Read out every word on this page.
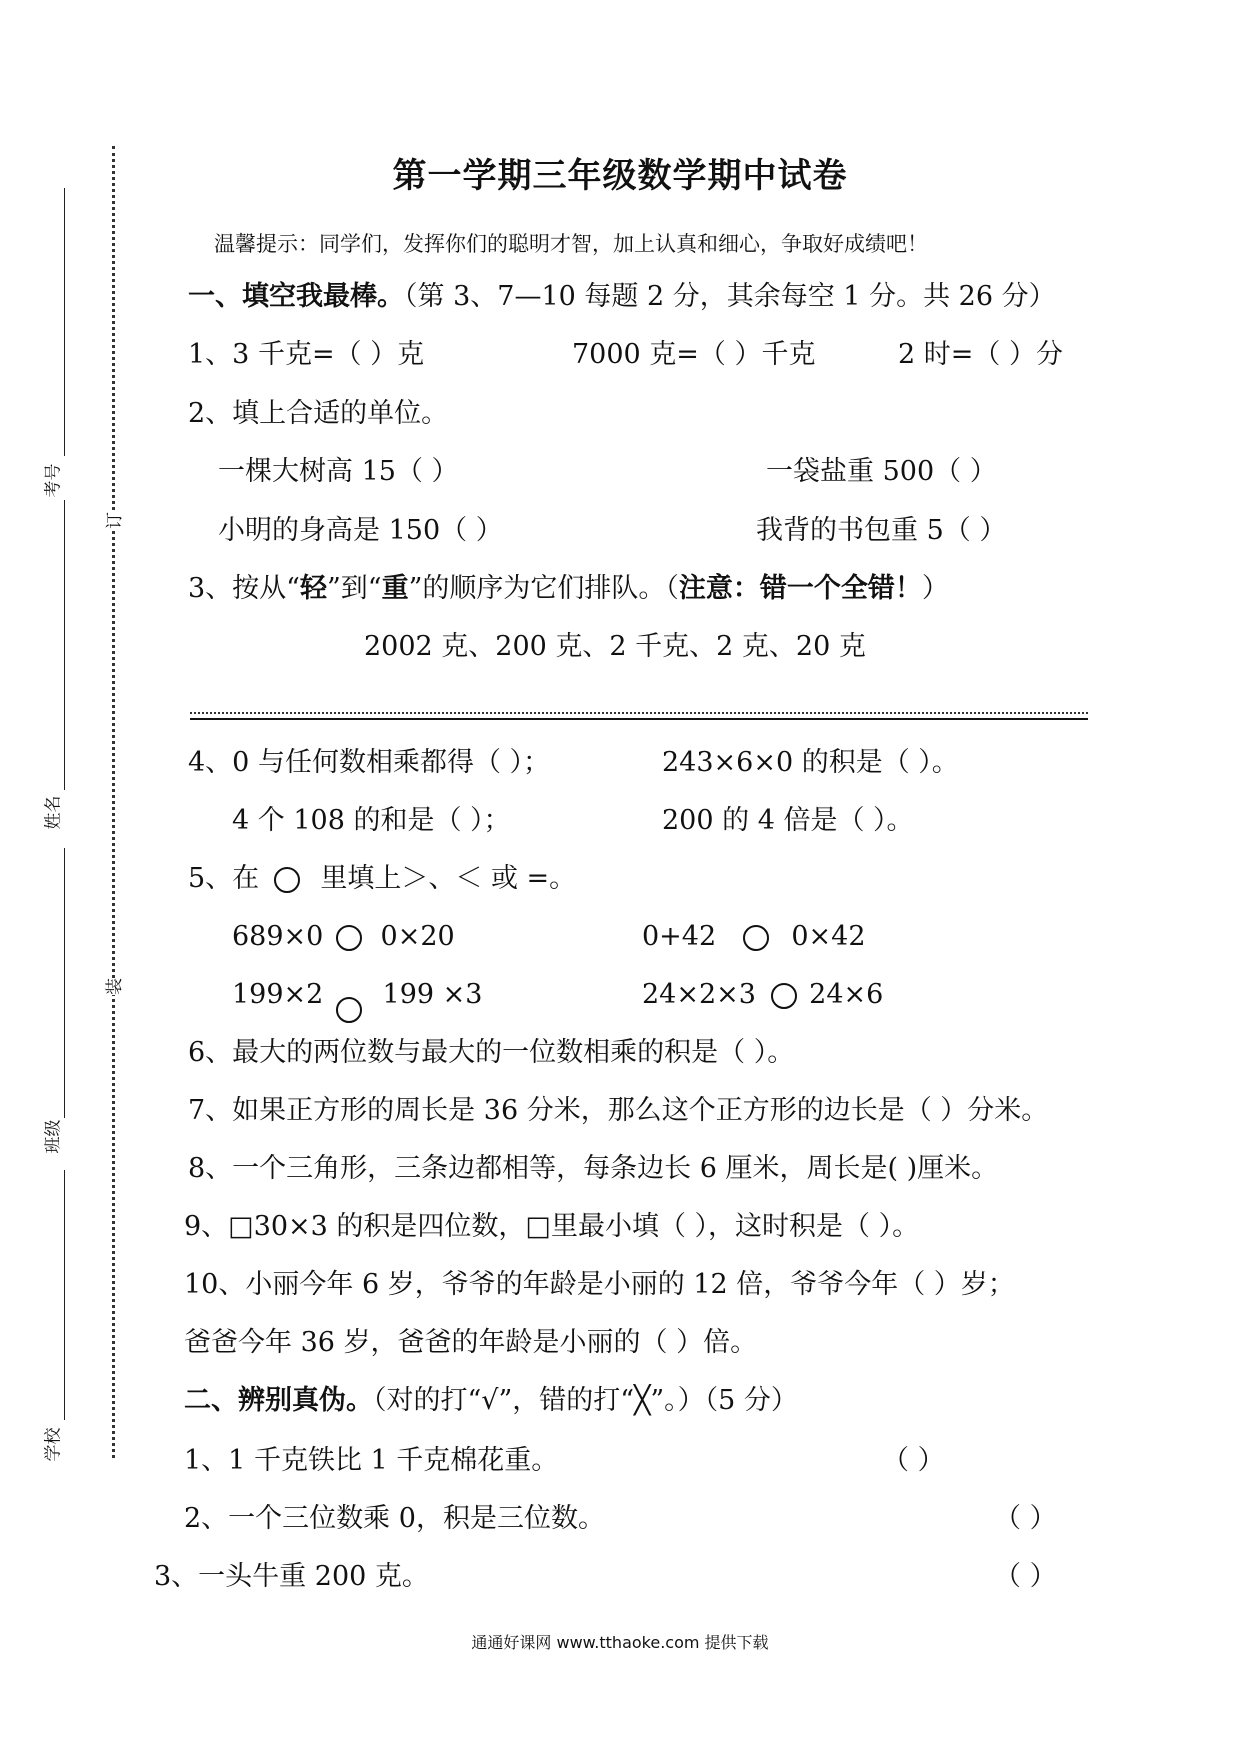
考号
姓名
班级
学校
订
装
第一学期三年级数学期中试卷
温馨提示：同学们，发挥你们的聪明才智，加上认真和细心，争取好成绩吧！
一、填空我最棒。（第 3、7—10 每题 2 分，其余每空 1 分。共 26 分）
1、3 千克=（ ）克	7000 克=（ ）千克	2 时=（ ）分
2、填上合适的单位。
一棵大树高 15（ ）	一袋盐重 500（ ）
小明的身高是 150（ ）	我背的书包重 5（ ）
3、按从“轻”到“重”的顺序为它们排队。（注意：错一个全错！）
2002 克、200 克、2 千克、2 克、20 克
4、0 与任何数相乘都得（ ）；	243×6×0 的积是（ ）。
4 个 108 的和是（ ）；	200 的 4 倍是（ ）。
5、在 里填上＞、＜ 或 =。
689×0 0×20	0+42	0×42
199×2 199 ×3	24×2×3 24×6
6、最大的两位数与最大的一位数相乘的积是（ ）。
7、如果正方形的周长是 36 分米，那么这个正方形的边长是（ ）分米。
8、一个三角形，三条边都相等，每条边长 6 厘米，周长是( )厘米。
9、□30×3 的积是四位数，□里最小填（ ），这时积是（ ）。
10、小丽今年 6 岁，爷爷的年龄是小丽的 12 倍，爷爷今年（ ）岁；
爸爸今年 36 岁，爸爸的年龄是小丽的（ ）倍。
二、辨别真伪。（对的打“√”，错的打“╳”。）（5 分）
1、1 千克铁比 1 千克棉花重。	（ ）
2、一个三位数乘 0，积是三位数。	（ ）
3、一头牛重 200 克。	（ ）
通通好课网 www.tthaoke.com 提供下载
